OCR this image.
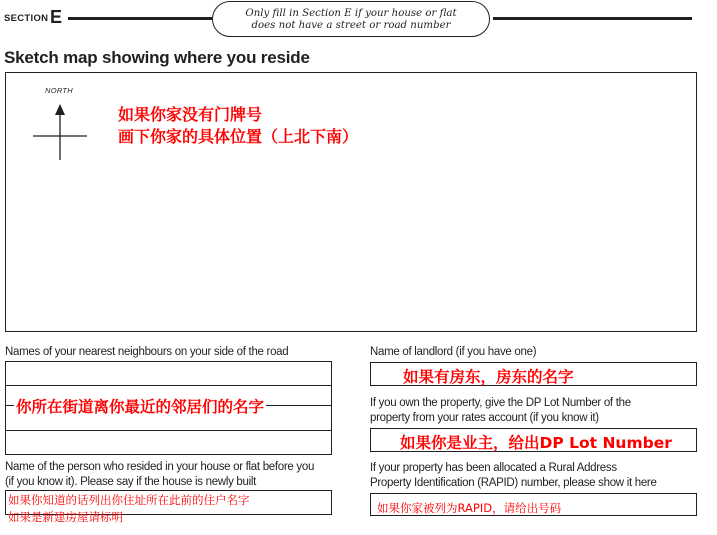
SECTION E	Only fill in Section E if your house or flat
does not have a street or road number
Sketch map showing where you reside
NORTH
如果你家没有门牌号
画下你家的具体位置（上北下南）
Names of your nearest neighbours on your side of the road
你所在街道离你最近的邻居们的名字
Name of landlord (if you have one)
如果有房东，房东的名字
If you own the property, give the DP Lot Number of the
property from your rates account (if you know it)
如果你是业主，给出DP Lot Number
Name of the person who resided in your house or flat before you
(if you know it). Please say if the house is newly built
如果你知道的话列出你住址所在此前的住户名字
如果是新建房屋请标明
If your property has been allocated a Rural Address
Property Identification (RAPID) number, please show it here
如果你家被列为RAPID，请给出号码
